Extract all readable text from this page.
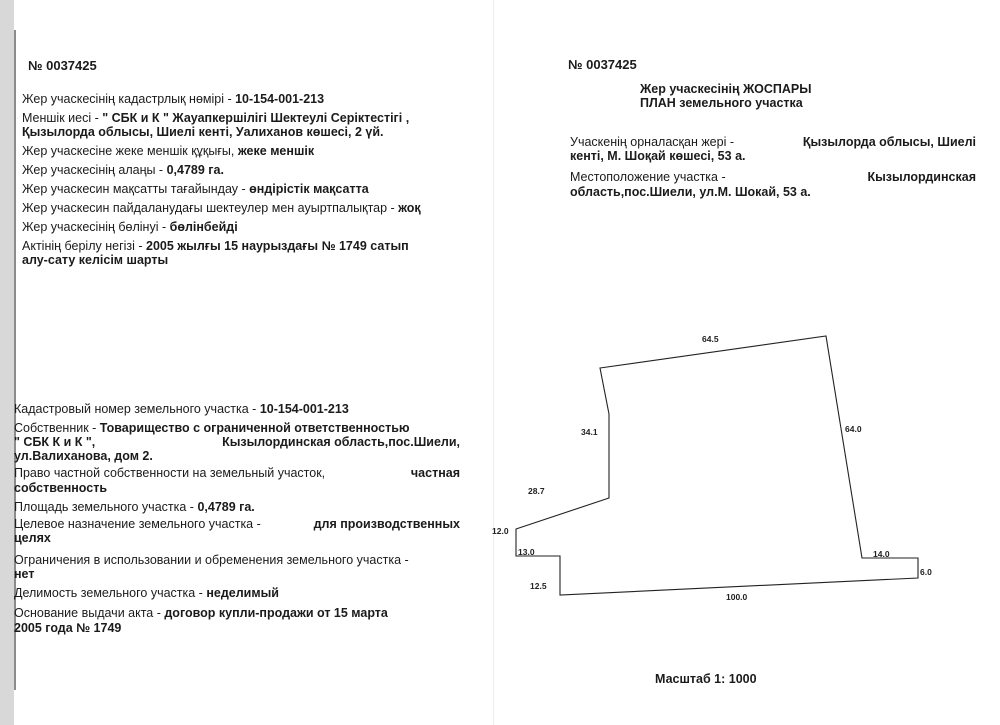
№ 0037425
Жер учаскесінің кадастрлық нөмірі - 10-154-001-213
Меншік иесі - " СБК и К " Жауапкершілігі Шектеулі Серіктестігі ,
Қызылорда облысы, Шиелі кенті, Уалиханов көшесі, 2 үй.
Жер учаскесіне жеке меншік құқығы, жеке меншік
Жер учаскесінің алаңы - 0,4789 га.
Жер учаскесин мақсатты тағайындау - өндірістік мақсатта
Жер учаскесин пайдаланудағы шектеулер мен ауыртпалықтар - жоқ
Жер учаскесінің бөлінуі - бөлінбейді
Актінің берілу негізі - 2005 жылғы 15 наурыздағы № 1749 сатып
алу-сату келісім шарты
Кадастровый номер земельного участка - 10-154-001-213
Собственник - Товарищество с ограниченной ответственностью
" СБК К и К ",	Кызылординская область,пос.Шиели,
ул.Валиханова, дом 2.
Право частной собственности на земельный участок,	частная
собственность
Площадь земельного участка - 0,4789 га.
Целевое назначение земельного участка -	для производственных
целях
Ограничения в использовании и обременения земельного участка -
нет
Делимость земельного участка - неделимый
Основание выдачи акта - договор купли-продажи от 15 марта
2005 года № 1749
№ 0037425
Жер учаскесінің ЖОСПАРЫ
ПЛАН земельного участка
Учаскенің орналасқан жері -	Қызылорда облысы, Шиелі
кенті, М. Шоқай көшесі, 53 а.
Местоположение участка -	Кызылординская
область,пос.Шиели, ул.М. Шокай, 53 а.
64.5
64.0
34.1
28.7
12.0
13.0
12.5
100.0
14.0
6.0
Масштаб 1: 1000
